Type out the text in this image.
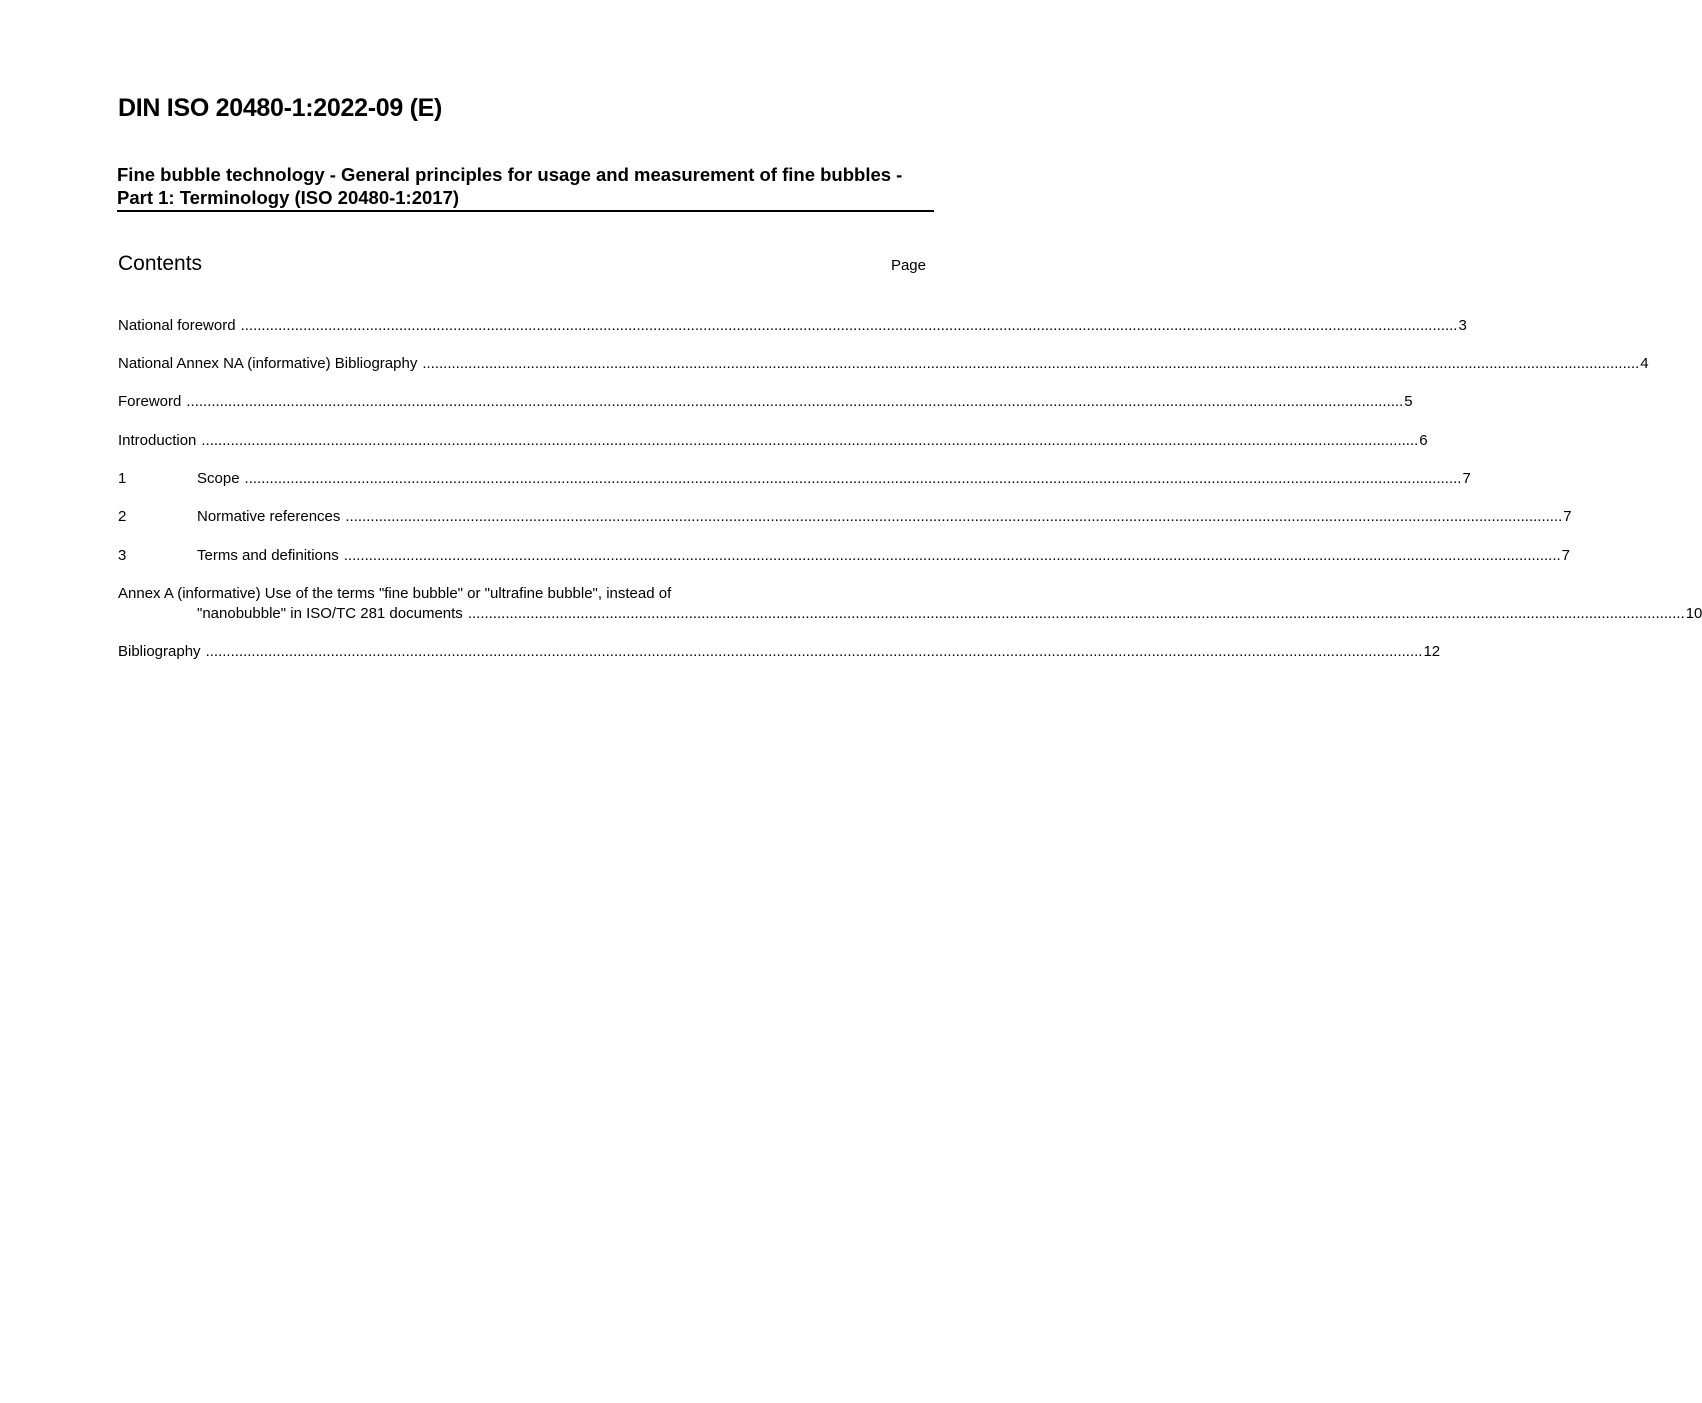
DIN ISO 20480-1:2022-09 (E)
Fine bubble technology - General principles for usage and measurement of fine bubbles - Part 1: Terminology (ISO 20480-1:2017)
Contents	Page
National foreword .....	3
National Annex NA (informative) Bibliography .....	4
Foreword .....	5
Introduction .....	6
1	Scope .....	7
2	Normative references .....	7
3	Terms and definitions .....	7
Annex A (informative) Use of the terms "fine bubble" or "ultrafine bubble", instead of
"nanobubble" in ISO/TC 281 documents .....	10
Bibliography .....	12
